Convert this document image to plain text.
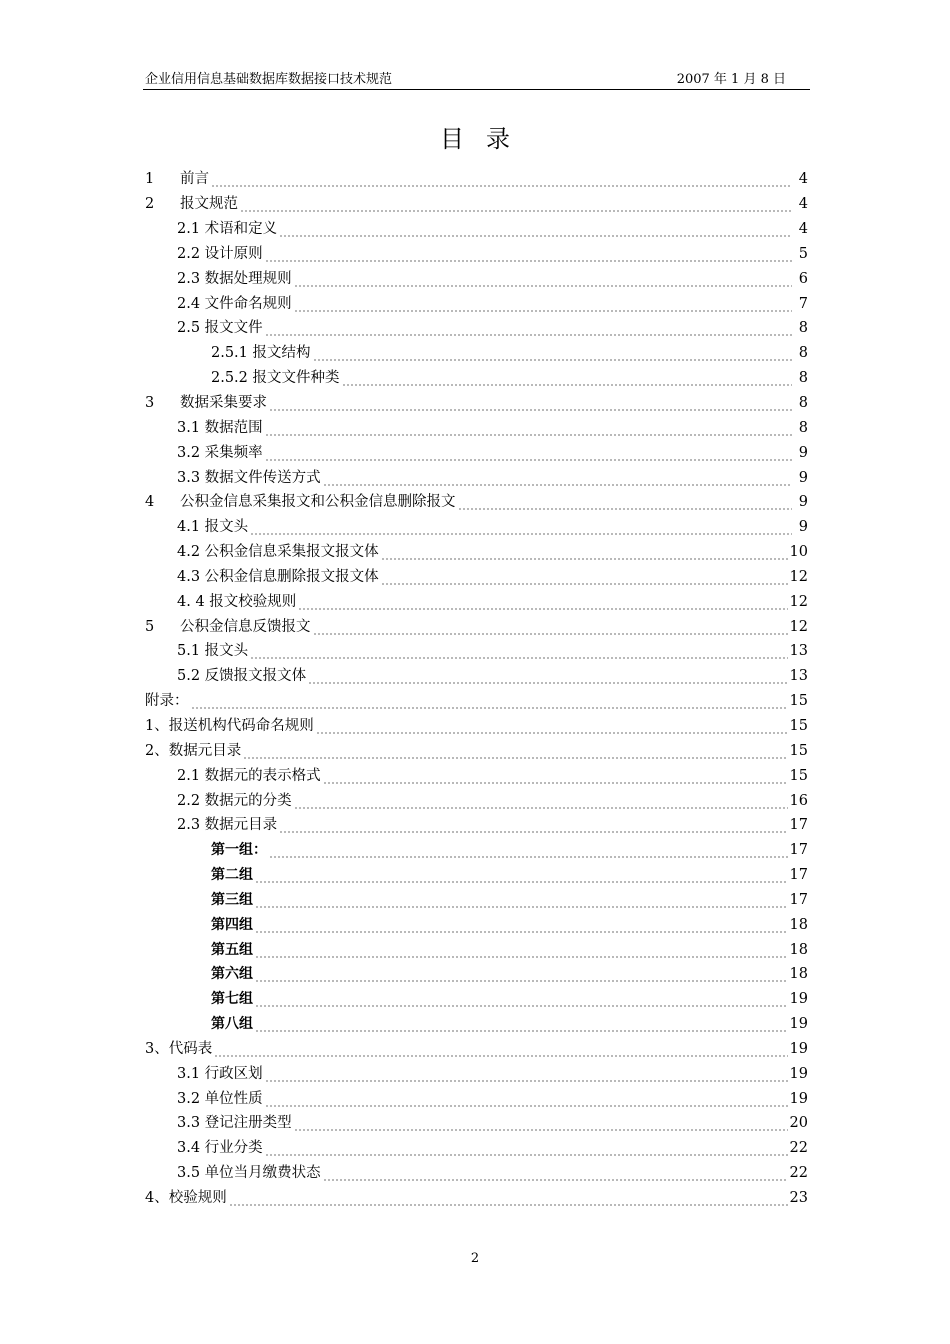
企业信用信息基础数据库数据接口技术规范	2007 年 1 月 8 日
目录
1	前言	4
2	报文规范	4
2.1 术语和定义	4
2.2 设计原则	5
2.3 数据处理规则	6
2.4 文件命名规则	7
2.5 报文文件	8
2.5.1 报文结构	8
2.5.2 报文文件种类	8
3	数据采集要求	8
3.1 数据范围	8
3.2 采集频率	9
3.3 数据文件传送方式	9
4	公积金信息采集报文和公积金信息删除报文	9
4.1 报文头	9
4.2 公积金信息采集报文报文体	10
4.3 公积金信息删除报文报文体	12
4. 4 报文校验规则	12
5	公积金信息反馈报文	12
5.1 报文头	13
5.2 反馈报文报文体	13
附录：	15
1、报送机构代码命名规则	15
2、数据元目录	15
2.1 数据元的表示格式	15
2.2 数据元的分类	16
2.3 数据元目录	17
第一组：	17
第二组	17
第三组	17
第四组	18
第五组	18
第六组	18
第七组	19
第八组	19
3、代码表	19
3.1 行政区划	19
3.2 单位性质	19
3.3 登记注册类型	20
3.4 行业分类	22
3.5 单位当月缴费状态	22
4、校验规则	23
2
